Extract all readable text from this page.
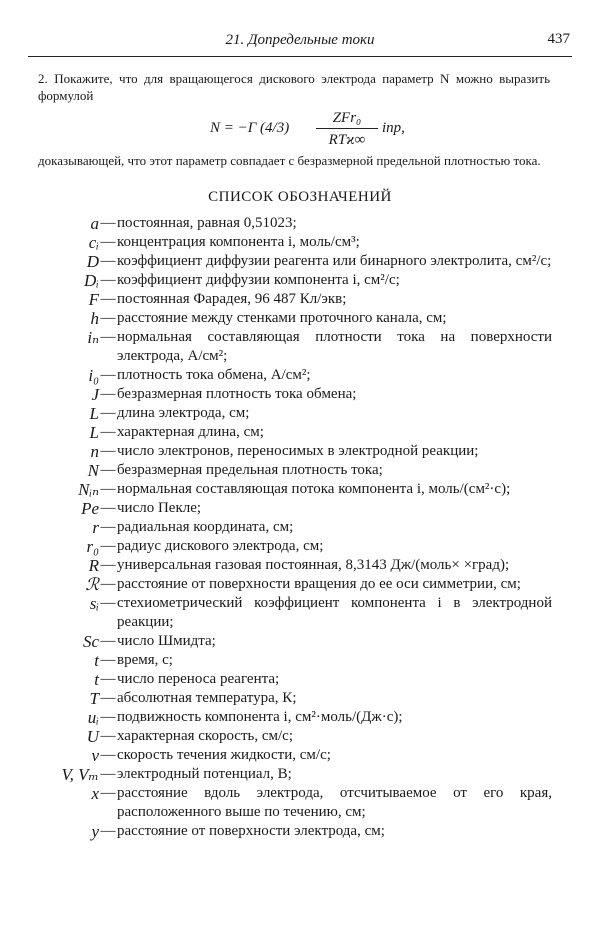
21. Допредельные токи	437

2. Покажите, что для вращающегося дискового электрода параметр N можно выразить формулой

N = −Γ (4/3)
ZFr₀
RTϰ∞
iпр,
доказывающей, что этот параметр совпадает с безразмерной предельной плотностью тока.
СПИСОК ОБОЗНАЧЕНИЙ
a — постоянная, равная 0,51023;
cᵢ — концентрация компонента i, моль/см³;
D — коэффициент диффузии реагента или бинарного электролита, см²/с;
Dᵢ — коэффициент диффузии компонента i, см²/с;
F — постоянная Фарадея, 96 487 Кл/экв;
h — расстояние между стенками проточного канала, см;
iₙ — нормальная составляющая плотности тока на поверхности электрода, А/см²;
i₀ — плотность тока обмена, А/см²;
J — безразмерная плотность тока обмена;
L — длина электрода, см;
L — характерная длина, см;
n — число электронов, переносимых в электродной реакции;
N — безразмерная предельная плотность тока;
Nᵢₙ — нормальная составляющая потока компонента i, моль/(см²·с);
Pe — число Пекле;
r — радиальная координата, см;
r₀ — радиус дискового электрода, см;
R — универсальная газовая постоянная, 8,3143 Дж/(моль× ×град);
ℛ — расстояние от поверхности вращения до ее оси симметрии, см;
sᵢ — стехиометрический коэффициент компонента i в электродной реакции;
Sc — число Шмидта;
t — время, с;
t — число переноса реагента;
T — абсолютная температура, К;
uᵢ — подвижность компонента i, см²·моль/(Дж·с);
U — характерная скорость, см/с;
v — скорость течения жидкости, см/с;
V, Vₘ — электродный потенциал, В;
x — расстояние вдоль электрода, отсчитываемое от его края, расположенного выше по течению, см;
y — расстояние от поверхности электрода, см;
